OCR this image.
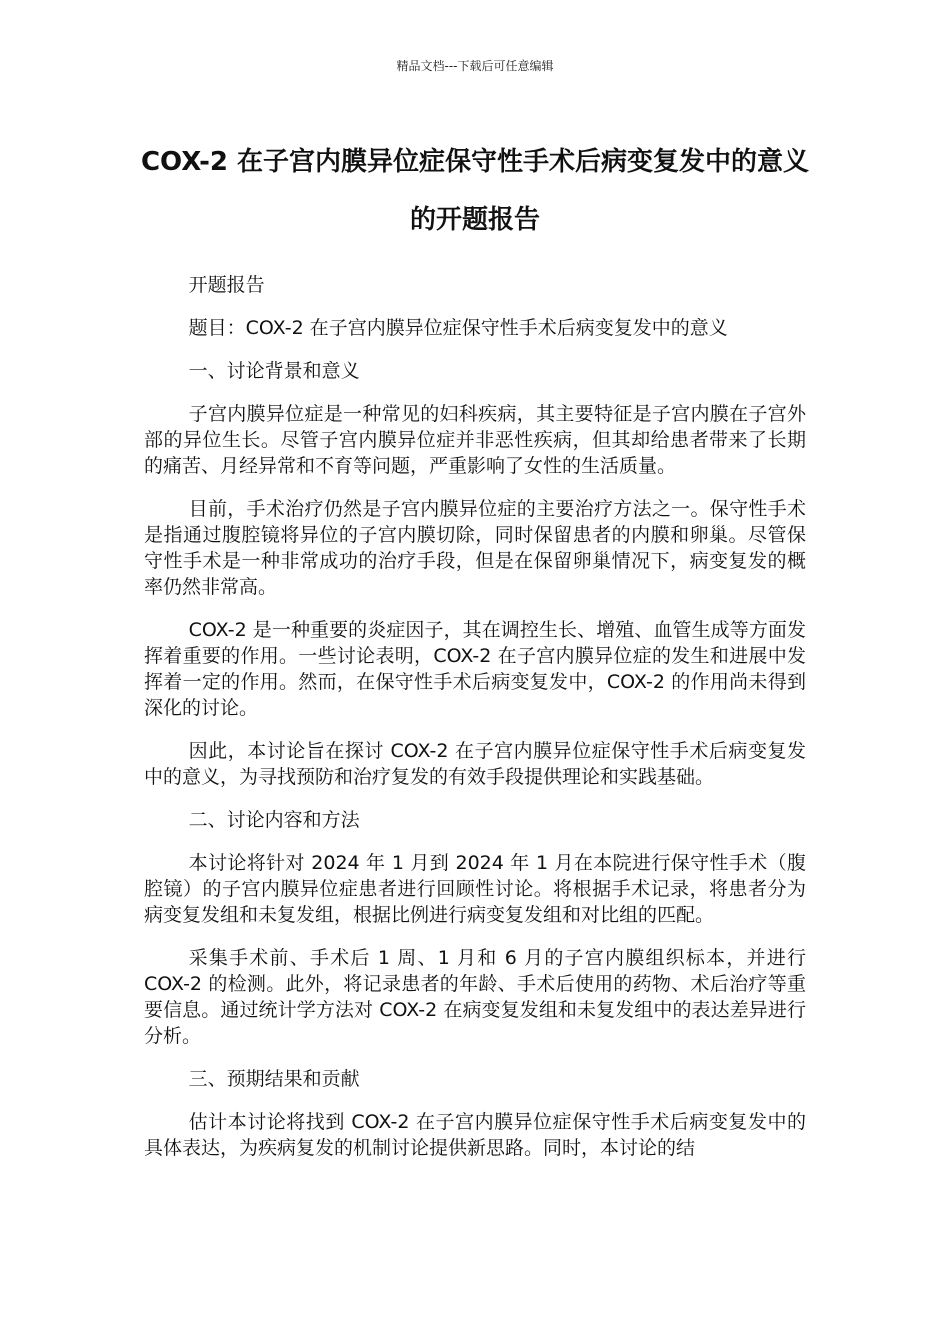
精品文档---下载后可任意编辑
COX-2 在子宫内膜异位症保守性手术后病变复发中的意义的开题报告

开题报告

题目：COX-2 在子宫内膜异位症保守性手术后病变复发中的意义

一、讨论背景和意义

子宫内膜异位症是一种常见的妇科疾病，其主要特征是子宫内膜在子宫外部的异位生长。尽管子宫内膜异位症并非恶性疾病，但其却给患者带来了长期的痛苦、月经异常和不育等问题，严重影响了女性的生活质量。

目前，手术治疗仍然是子宫内膜异位症的主要治疗方法之一。保守性手术是指通过腹腔镜将异位的子宫内膜切除，同时保留患者的内膜和卵巢。尽管保守性手术是一种非常成功的治疗手段，但是在保留卵巢情况下，病变复发的概率仍然非常高。

COX-2 是一种重要的炎症因子，其在调控生长、增殖、血管生成等方面发挥着重要的作用。一些讨论表明，COX-2 在子宫内膜异位症的发生和进展中发挥着一定的作用。然而，在保守性手术后病变复发中，COX-2 的作用尚未得到深化的讨论。

因此，本讨论旨在探讨 COX-2 在子宫内膜异位症保守性手术后病变复发中的意义，为寻找预防和治疗复发的有效手段提供理论和实践基础。

二、讨论内容和方法

本讨论将针对 2024 年 1 月到 2024 年 1 月在本院进行保守性手术（腹腔镜）的子宫内膜异位症患者进行回顾性讨论。将根据手术记录，将患者分为病变复发组和未复发组，根据比例进行病变复发组和对比组的匹配。

采集手术前、手术后 1 周、1 月和 6 月的子宫内膜组织标本，并进行 COX-2 的检测。此外，将记录患者的年龄、手术后使用的药物、术后治疗等重要信息。通过统计学方法对 COX-2 在病变复发组和未复发组中的表达差异进行分析。

三、预期结果和贡献

估计本讨论将找到 COX-2 在子宫内膜异位症保守性手术后病变复发中的具体表达，为疾病复发的机制讨论提供新思路。同时，本讨论的结
